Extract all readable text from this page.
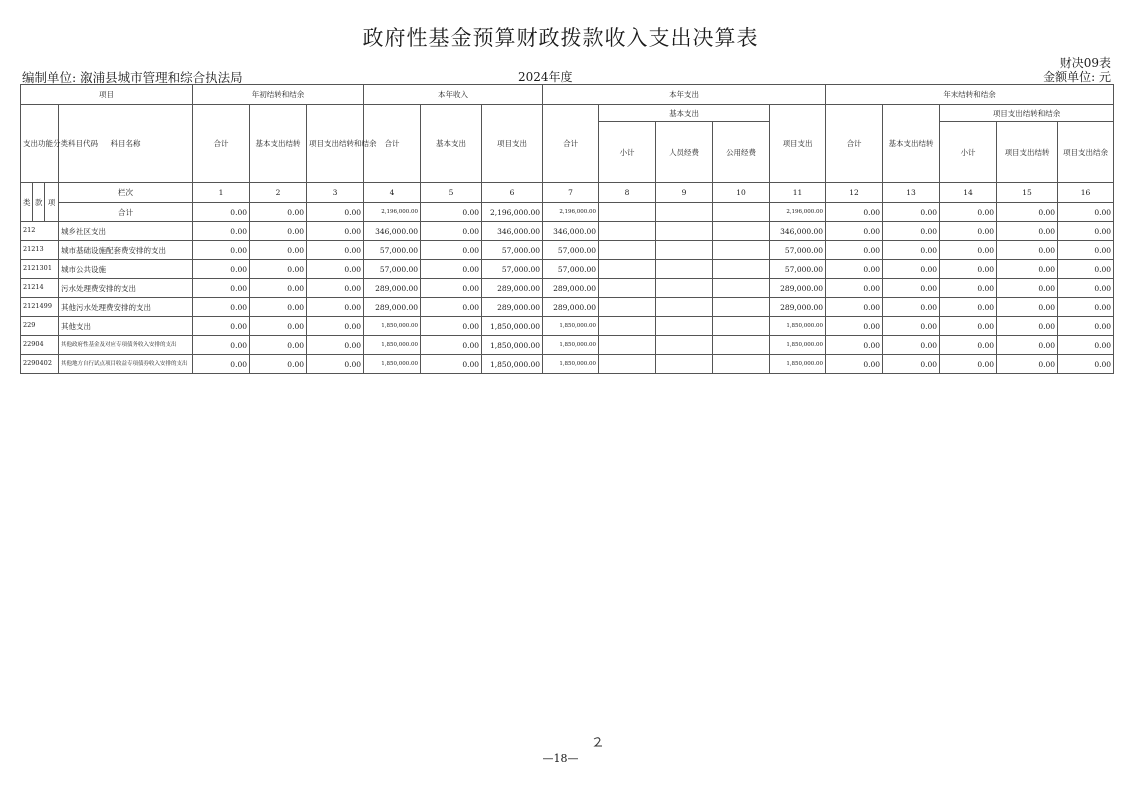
政府性基金预算财政拨款收入支出决算表
财决09表
编制单位: 溆浦县城市管理和综合执法局	2024年度	金额单位: 元
项目				年初结转和结余			本年收入			本年支出					年末结转和结余				
支出功能分类科目代码			科目名称	合计	基本支出结转	项目支出结转和结余	合计	基本支出	项目支出	合计	基本支出			项目支出	合计	基本支出结转	项目支出结转和结余		
											小计	人员经费	公用经费				小计	项目支出结转	项目支出结余
类	款	项	栏次	1	2	3	4	5	6	7	8	9	10	11	12	13	14	15	16
			合计	0.00	0.00	0.00	2,196,000.00	0.00	2,196,000.00	2,196,000.00				2,196,000.00	0.00	0.00	0.00	0.00	0.00
212			城乡社区支出	0.00	0.00	0.00	346,000.00	0.00	346,000.00	346,000.00				346,000.00	0.00	0.00	0.00	0.00	0.00
21213			城市基础设施配套费安排的支出	0.00	0.00	0.00	57,000.00	0.00	57,000.00	57,000.00				57,000.00	0.00	0.00	0.00	0.00	0.00
2121301			城市公共设施	0.00	0.00	0.00	57,000.00	0.00	57,000.00	57,000.00				57,000.00	0.00	0.00	0.00	0.00	0.00
21214			污水处理费安排的支出	0.00	0.00	0.00	289,000.00	0.00	289,000.00	289,000.00				289,000.00	0.00	0.00	0.00	0.00	0.00
2121499			其他污水处理费安排的支出	0.00	0.00	0.00	289,000.00	0.00	289,000.00	289,000.00				289,000.00	0.00	0.00	0.00	0.00	0.00
229			其他支出	0.00	0.00	0.00	1,850,000.00	0.00	1,850,000.00	1,850,000.00				1,850,000.00	0.00	0.00	0.00	0.00	0.00
22904			其他政府性基金及对应专项债务收入安排的支出	0.00	0.00	0.00	1,850,000.00	0.00	1,850,000.00	1,850,000.00				1,850,000.00	0.00	0.00	0.00	0.00	0.00
2290402			其他地方自行试点项目收益专项债券收入安排的支出	0.00	0.00	0.00	1,850,000.00	0.00	1,850,000.00	1,850,000.00				1,850,000.00	0.00	0.00	0.00	0.00	0.00
—18—
